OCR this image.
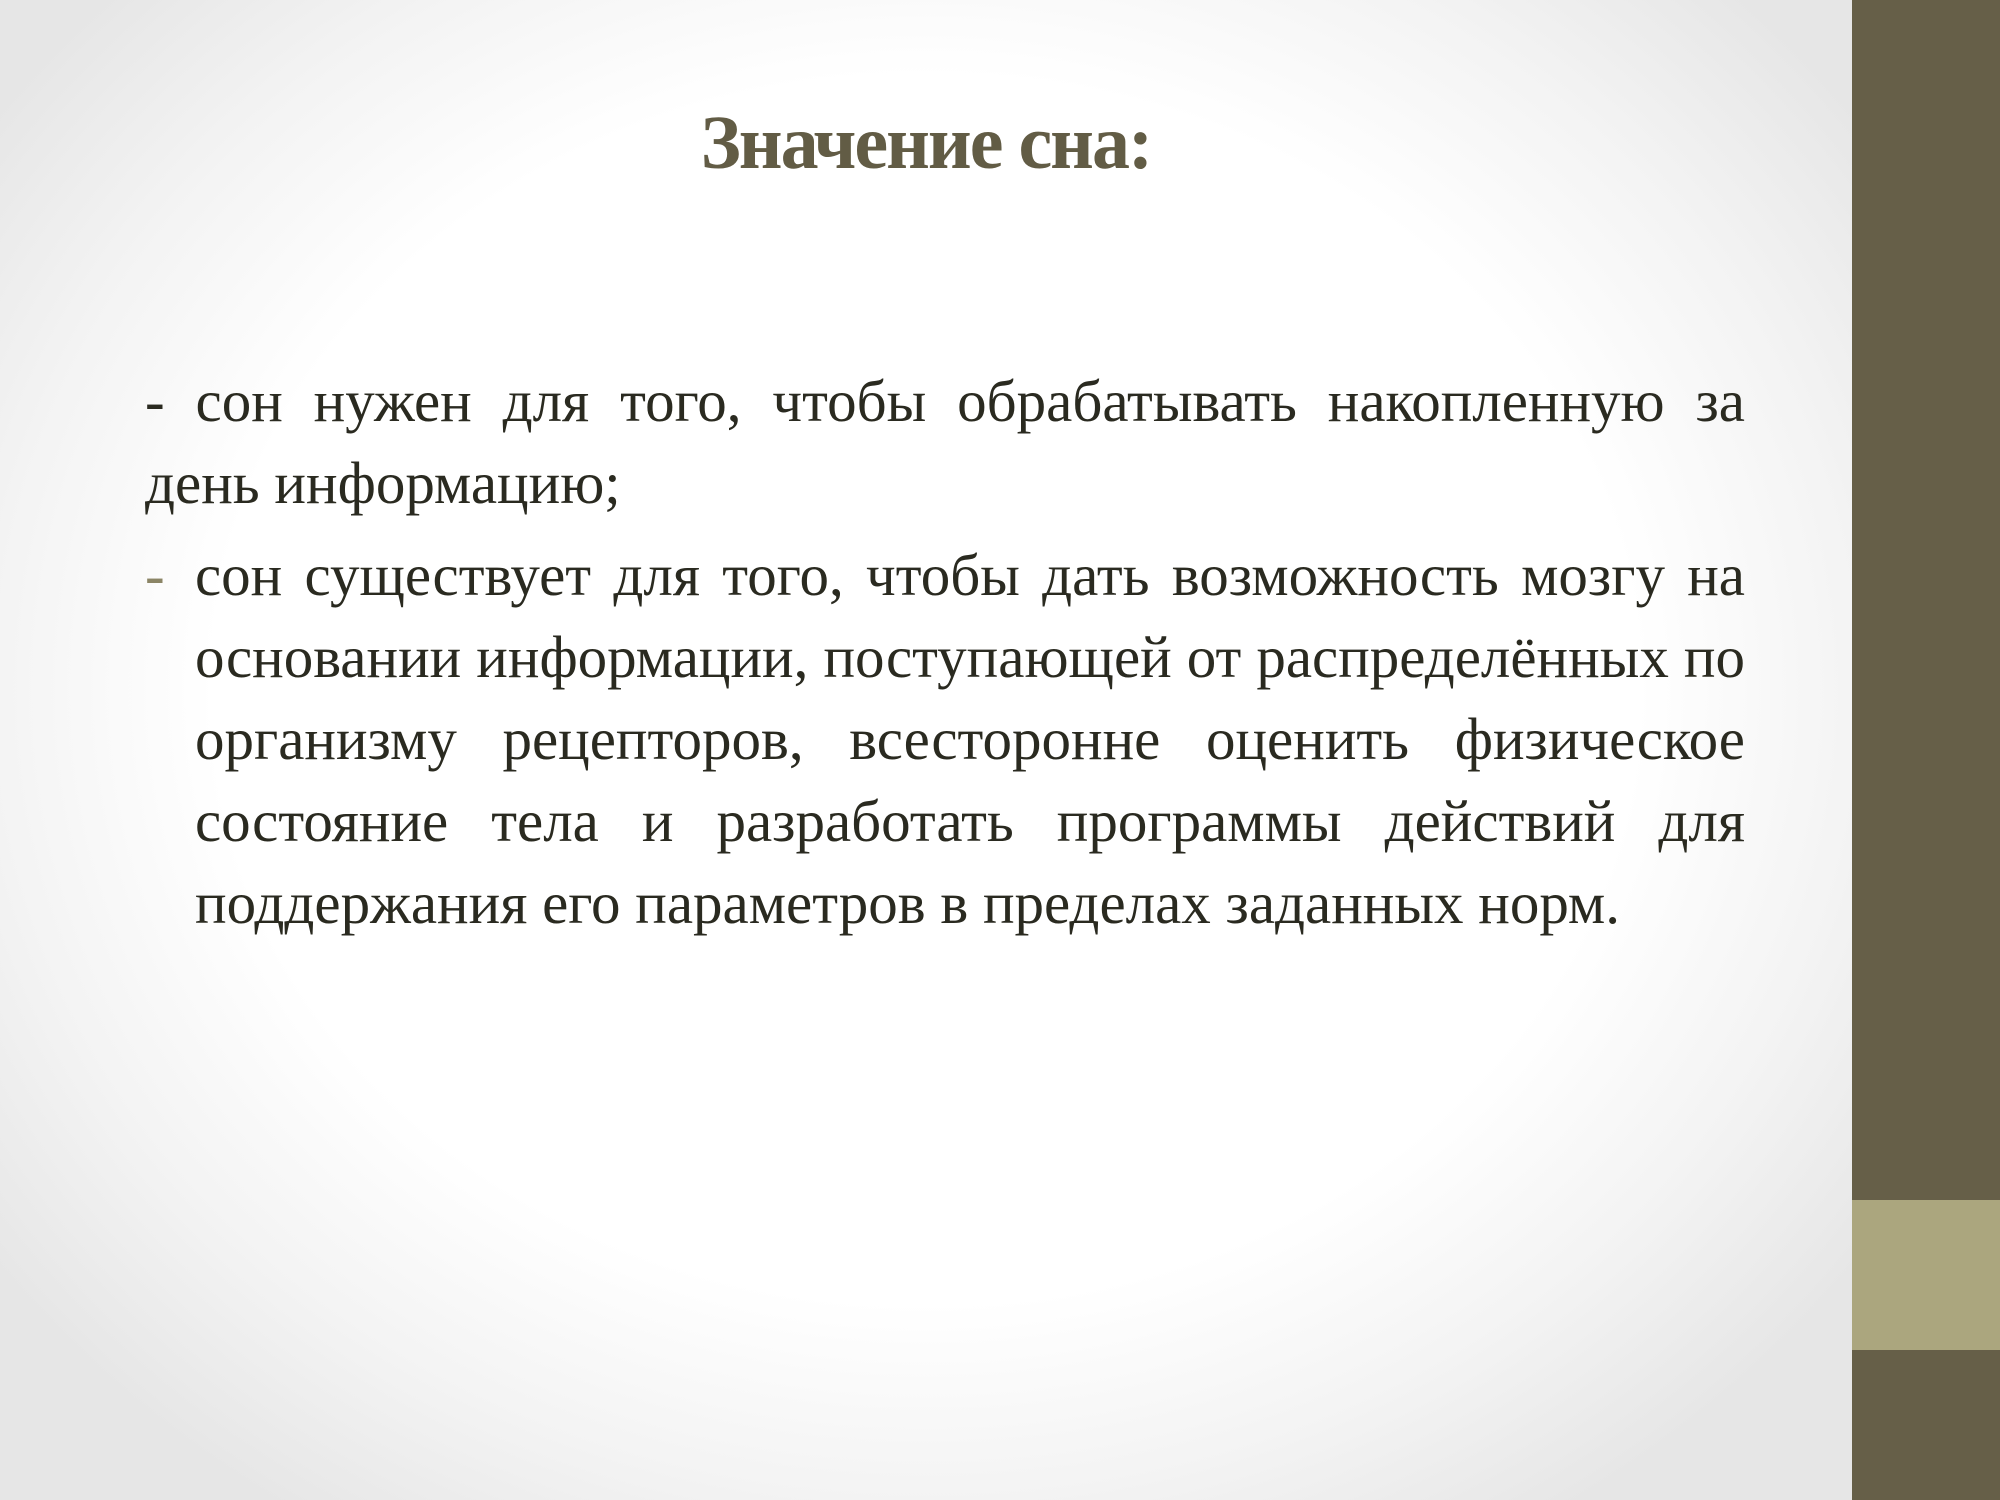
Значение сна:

- сон нужен для того, чтобы обрабатывать накопленную за день информацию;

- сон существует для того, чтобы дать возможность мозгу на основании информации, поступающей от распределённых по организму рецепторов, всесторонне оценить физическое состояние тела и разработать программы действий для поддержания его параметров в пределах заданных норм.
